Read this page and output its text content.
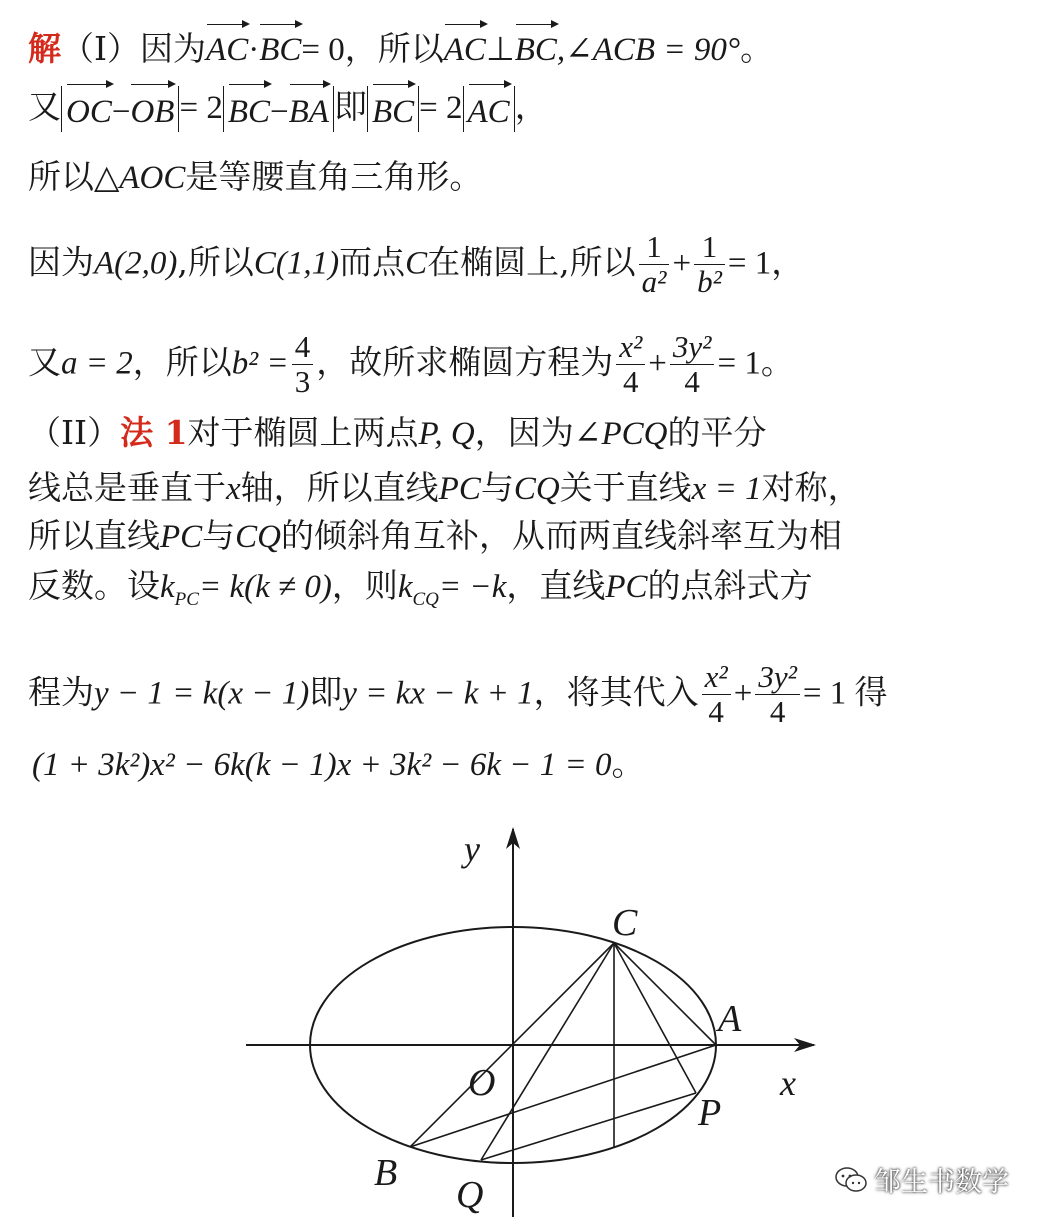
解（I）因为AC·BC= 0，所以AC⊥BC,∠ACB = 90°。
又 OC−OB = 2 BC−BA 即 BC = 2 AC ，
所以△AOC是等腰直角三角形。
因为A(2,0),所以C(1,1)而点C在椭圆上,所以 $\frac{1}{\text{a²}} + \frac{1}{\text{b²}} = 1$，
又a = 2，所以$b^2 = \frac{4}{3}$ ，故所求椭圆方程为 $\frac{\text{x²}}{4} + \frac{\text{3y²}}{4} = 1$。
（II）法 1对于椭圆上两点P, Q，因为∠PCQ的平分
线总是垂直于x轴，所以直线PC与CQ关于直线x = 1对称，
所以直线PC与CQ的倾斜角互补，从而两直线斜率互为相
反数。设$k_{PC}= k(k \ne 0)$，则$k_{CQ}= -k$，直线PC的点斜式方
程为y − 1 = k(x − 1)即y = kx − k + 1，将其代入 $\frac{\text{x²}}{4} + \frac{\text{3y²}}{4} = 1$ 得
(1 + 3k²)x² − 6k(k − 1)x + 3k² − 6k − 1 = 0。
y
x
C
A
O
P
B
Q	邹生书数学
